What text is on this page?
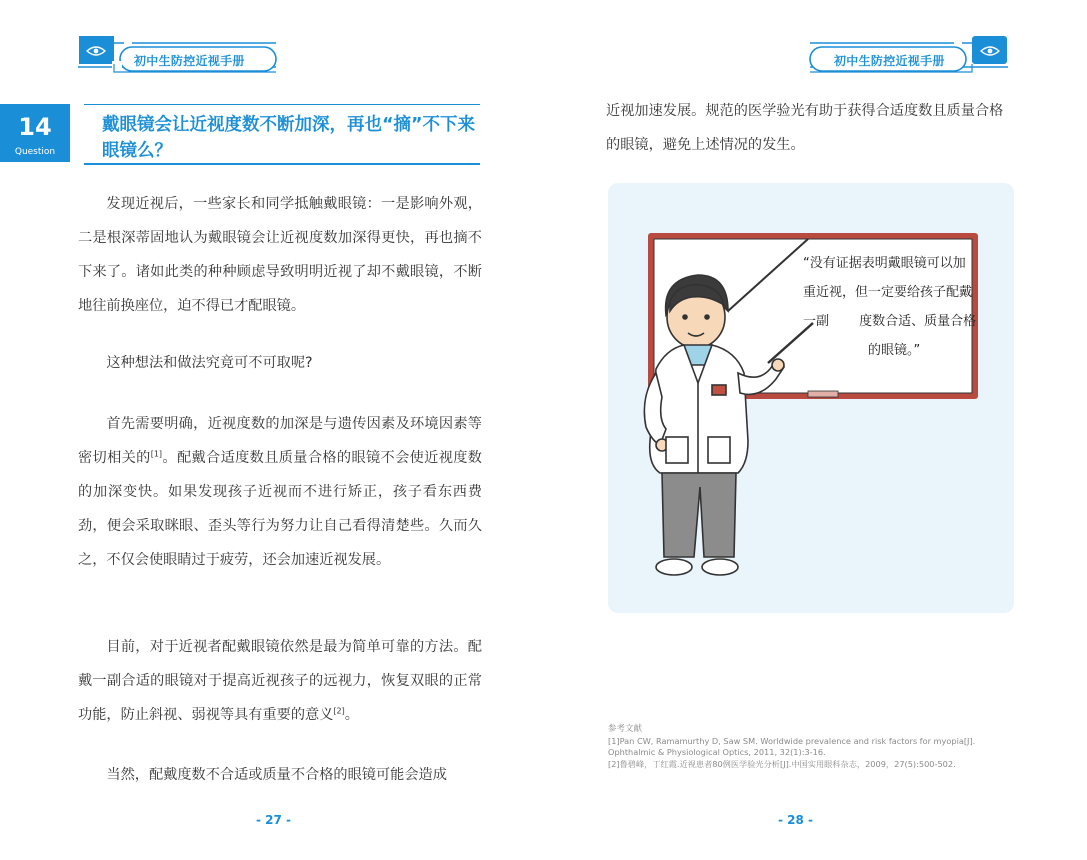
初中生防控近视手册
14
Question
戴眼镜会让近视度数不断加深，再也“摘”不下来眼镜么？

发现近视后，一些家长和同学抵触戴眼镜：一是影响外观，二是根深蒂固地认为戴眼镜会让近视度数加深得更快，再也摘不下来了。诸如此类的种种顾虑导致明明近视了却不戴眼镜，不断地往前换座位，迫不得已才配眼镜。

这种想法和做法究竟可不可取呢?

首先需要明确，近视度数的加深是与遗传因素及环境因素等密切相关的[1]。配戴合适度数且质量合格的眼镜不会使近视度数的加深变快。如果发现孩子近视而不进行矫正，孩子看东西费劲，便会采取眯眼、歪头等行为努力让自己看得清楚些。久而久之，不仅会使眼睛过于疲劳，还会加速近视发展。

目前，对于近视者配戴眼镜依然是最为简单可靠的方法。配戴一副合适的眼镜对于提高近视孩子的远视力，恢复双眼的正常功能，防止斜视、弱视等具有重要的意义[2]。

当然，配戴度数不合适或质量不合格的眼镜可能会造成

- 27 -
初中生防控近视手册

近视加速发展。规范的医学验光有助于获得合适度数且质量合格的眼镜，避免上述情况的发生。

“没有证据表明戴眼镜可以加
重近视，但一定要给孩子配戴
一副　 　度数合适、质量合格
　　　　　的眼镜。”

参考文献
[1]Pan CW, Ramamurthy D, Saw SM. Worldwide prevalence and risk factors for myopia[J]. Ophthalmic & Physiological Optics, 2011, 32(1):3-16.
[2]鲁碧峰，丁红霞.近视患者80例医学验光分析[J].中国实用眼科杂志，2009，27(5):500-502.
- 28 -
